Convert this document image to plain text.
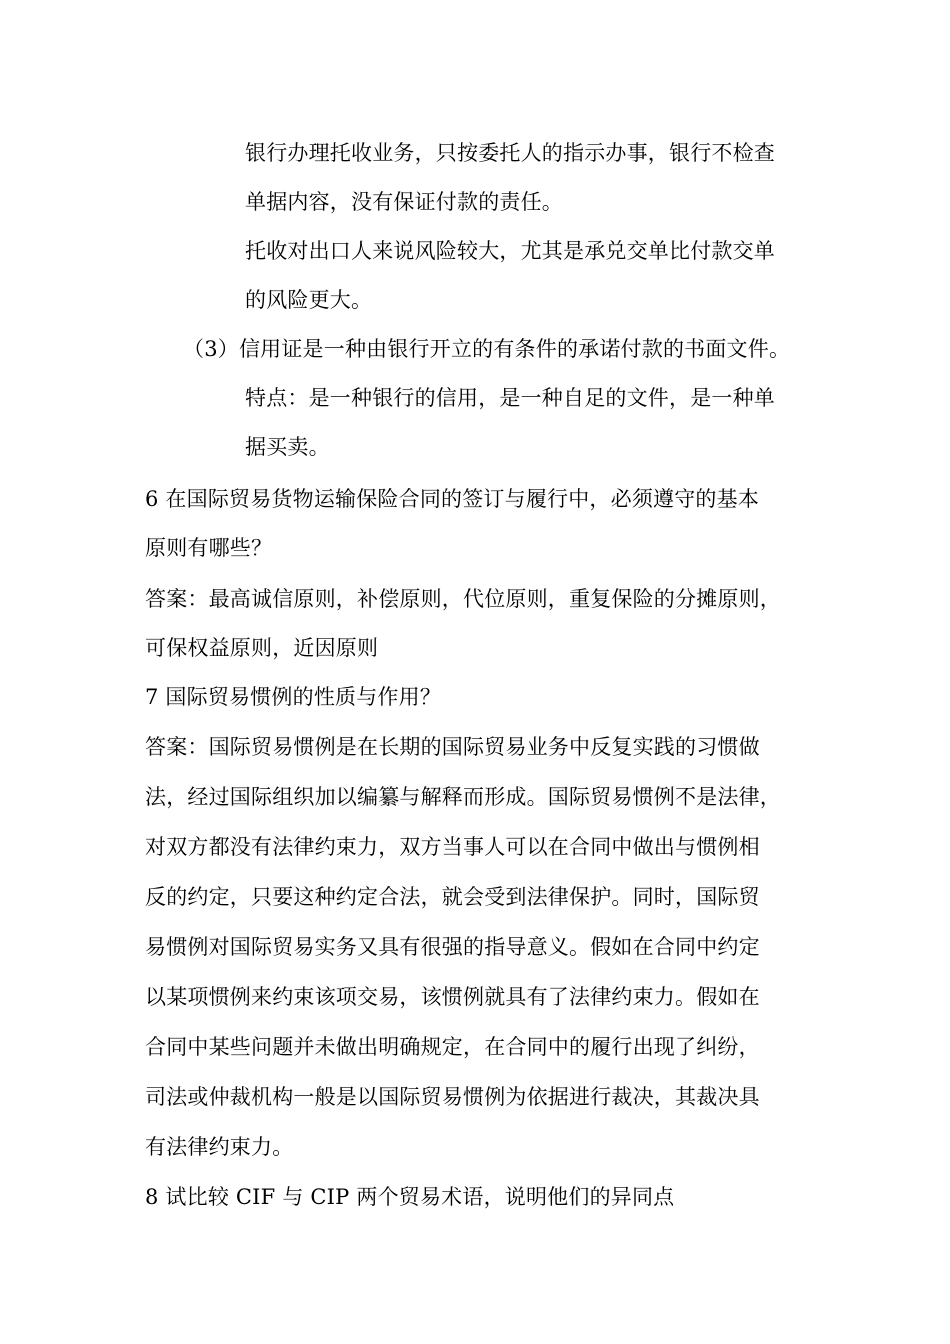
银行办理托收业务，只按委托人的指示办事，银行不检查
单据内容，没有保证付款的责任。
托收对出口人来说风险较大，尤其是承兑交单比付款交单
的风险更大。
（3）信用证是一种由银行开立的有条件的承诺付款的书面文件。
特点：是一种银行的信用，是一种自足的文件，是一种单
据买卖。
6 在国际贸易货物运输保险合同的签订与履行中，必须遵守的基本
原则有哪些？
答案：最高诚信原则，补偿原则，代位原则，重复保险的分摊原则，
可保权益原则，近因原则
7 国际贸易惯例的性质与作用？
答案：国际贸易惯例是在长期的国际贸易业务中反复实践的习惯做
法，经过国际组织加以编纂与解释而形成。国际贸易惯例不是法律，
对双方都没有法律约束力，双方当事人可以在合同中做出与惯例相
反的约定，只要这种约定合法，就会受到法律保护。同时，国际贸
易惯例对国际贸易实务又具有很强的指导意义。假如在合同中约定
以某项惯例来约束该项交易，该惯例就具有了法律约束力。假如在
合同中某些问题并未做出明确规定，在合同中的履行出现了纠纷，
司法或仲裁机构一般是以国际贸易惯例为依据进行裁决，其裁决具
有法律约束力。
8 试比较 CIF 与 CIP 两个贸易术语，说明他们的异同点
